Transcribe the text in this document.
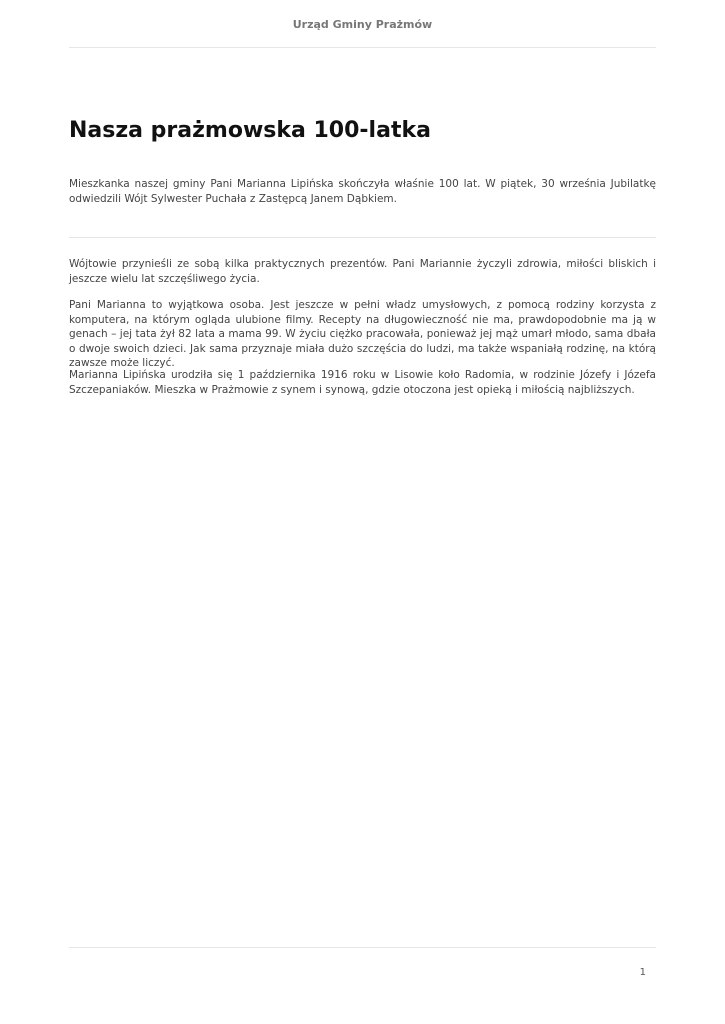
Urząd Gminy Prażmów
Nasza prażmowska 100-latka

Mieszkanka naszej gminy Pani Marianna Lipińska skończyła właśnie 100 lat. W piątek, 30 września Jubilatkę odwiedzili Wójt Sylwester Puchała z Zastępcą Janem Dąbkiem.

Wójtowie przynieśli ze sobą kilka praktycznych prezentów. Pani Mariannie życzyli zdrowia, miłości bliskich i jeszcze wielu lat szczęśliwego życia.

Pani Marianna to wyjątkowa osoba. Jest jeszcze w pełni władz umysłowych, z pomocą rodziny korzysta z komputera, na którym ogląda ulubione filmy. Recepty na długowieczność nie ma, prawdopodobnie ma ją w genach – jej tata żył 82 lata a mama 99. W życiu ciężko pracowała, ponieważ jej mąż umarł młodo, sama dbała o dwoje swoich dzieci. Jak sama przyznaje miała dużo szczęścia do ludzi, ma także wspaniałą rodzinę, na którą zawsze może liczyć.

Marianna Lipińska urodziła się 1 października 1916 roku w Lisowie koło Radomia, w rodzinie Józefy i Józefa Szczepaniaków. Mieszka w Prażmowie z synem i synową, gdzie otoczona jest opieką i miłością najbliższych.

1
